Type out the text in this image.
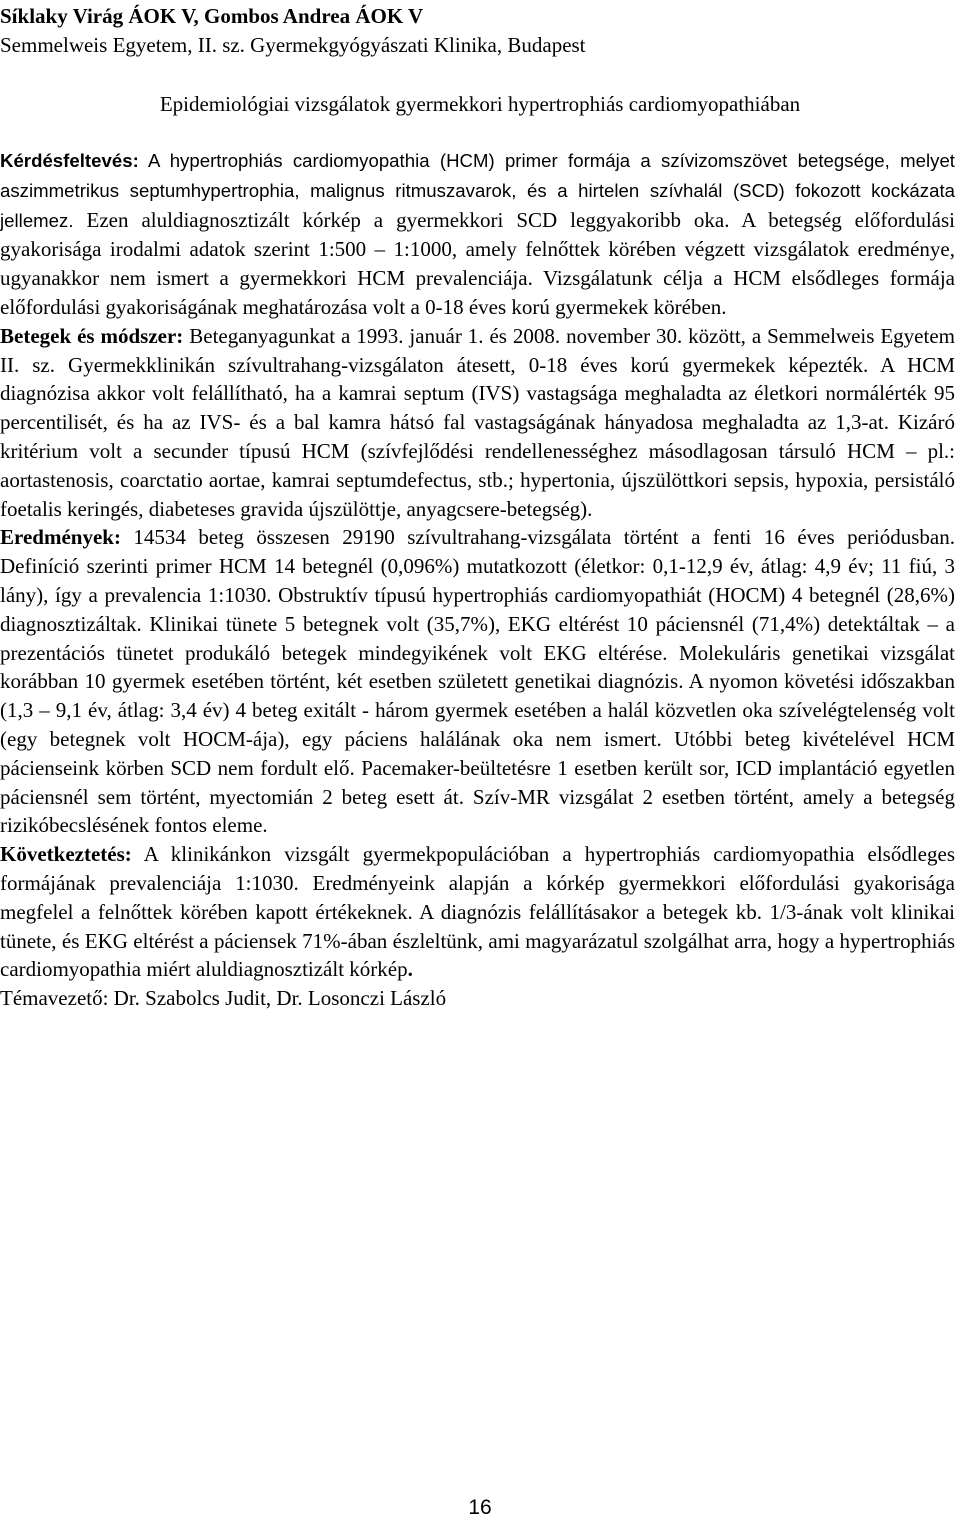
Síklaky Virág ÁOK V, Gombos Andrea ÁOK V
Semmelweis Egyetem, II. sz. Gyermekgyógyászati Klinika, Budapest
Epidemiológiai vizsgálatok gyermekkori hypertrophiás cardiomyopathiában

Kérdésfeltevés: A hypertrophiás cardiomyopathia (HCM) primer formája a szívizomszövet betegsége, melyet aszimmetrikus septumhypertrophia, malignus ritmuszavarok, és a hirtelen szívhalál (SCD) fokozott kockázata jellemez. Ezen aluldiagnosztizált kórkép a gyermekkori SCD leggyakoribb oka. A betegség előfordulási gyakorisága irodalmi adatok szerint 1:500 – 1:1000, amely felnőttek körében végzett vizsgálatok eredménye, ugyanakkor nem ismert a gyermekkori HCM prevalenciája. Vizsgálatunk célja a HCM elsődleges formája előfordulási gyakoriságának meghatározása volt a 0-18 éves korú gyermekek körében.

Betegek és módszer: Beteganyagunkat a 1993. január 1. és 2008. november 30. között, a Semmelweis Egyetem II. sz. Gyermekklinikán szívultrahang-vizsgálaton átesett, 0-18 éves korú gyermekek képezték. A HCM diagnózisa akkor volt felállítható, ha a kamrai septum (IVS) vastagsága meghaladta az életkori normálérték 95 percentilisét, és ha az IVS- és a bal kamra hátsó fal vastagságának hányadosa meghaladta az 1,3-at. Kizáró kritérium volt a secunder típusú HCM (szívfejlődési rendellenességhez másodlagosan társuló HCM – pl.: aortastenosis, coarctatio aortae, kamrai septumdefectus, stb.; hypertonia, újszülöttkori sepsis, hypoxia, persistáló foetalis keringés, diabeteses gravida újszülöttje, anyagcsere-betegség).

Eredmények: 14534 beteg összesen 29190 szívultrahang-vizsgálata történt a fenti 16 éves periódusban. Definíció szerinti primer HCM 14 betegnél (0,096%) mutatkozott (életkor: 0,1-12,9 év, átlag: 4,9 év; 11 fiú, 3 lány), így a prevalencia 1:1030. Obstruktív típusú hypertrophiás cardiomyopathiát (HOCM) 4 betegnél (28,6%) diagnosztizáltak. Klinikai tünete 5 betegnek volt (35,7%), EKG eltérést 10 páciensnél (71,4%) detektáltak – a prezentációs tünetet produkáló betegek mindegyikének volt EKG eltérése. Molekuláris genetikai vizsgálat korábban 10 gyermek esetében történt, két esetben született genetikai diagnózis. A nyomon követési időszakban (1,3 – 9,1 év, átlag: 3,4 év) 4 beteg exitált - három gyermek esetében a halál közvetlen oka szívelégtelenség volt (egy betegnek volt HOCM-ája), egy páciens halálának oka nem ismert. Utóbbi beteg kivételével HCM pácienseink körben SCD nem fordult elő. Pacemaker-beültetésre 1 esetben került sor, ICD implantáció egyetlen páciensnél sem történt, myectomián 2 beteg esett át. Szív-MR vizsgálat 2 esetben történt, amely a betegség rizikóbecslésének fontos eleme.

Következtetés: A klinikánkon vizsgált gyermekpopulációban a hypertrophiás cardiomyopathia elsődleges formájának prevalenciája 1:1030. Eredményeink alapján a kórkép gyermekkori előfordulási gyakorisága megfelel a felnőttek körében kapott értékeknek. A diagnózis felállításakor a betegek kb. 1/3-ának volt klinikai tünete, és EKG eltérést a páciensek 71%-ában észleltünk, ami magyarázatul szolgálhat arra, hogy a hypertrophiás cardiomyopathia miért aluldiagnosztizált kórkép.

Témavezető: Dr. Szabolcs Judit, Dr. Losonczi László

16
